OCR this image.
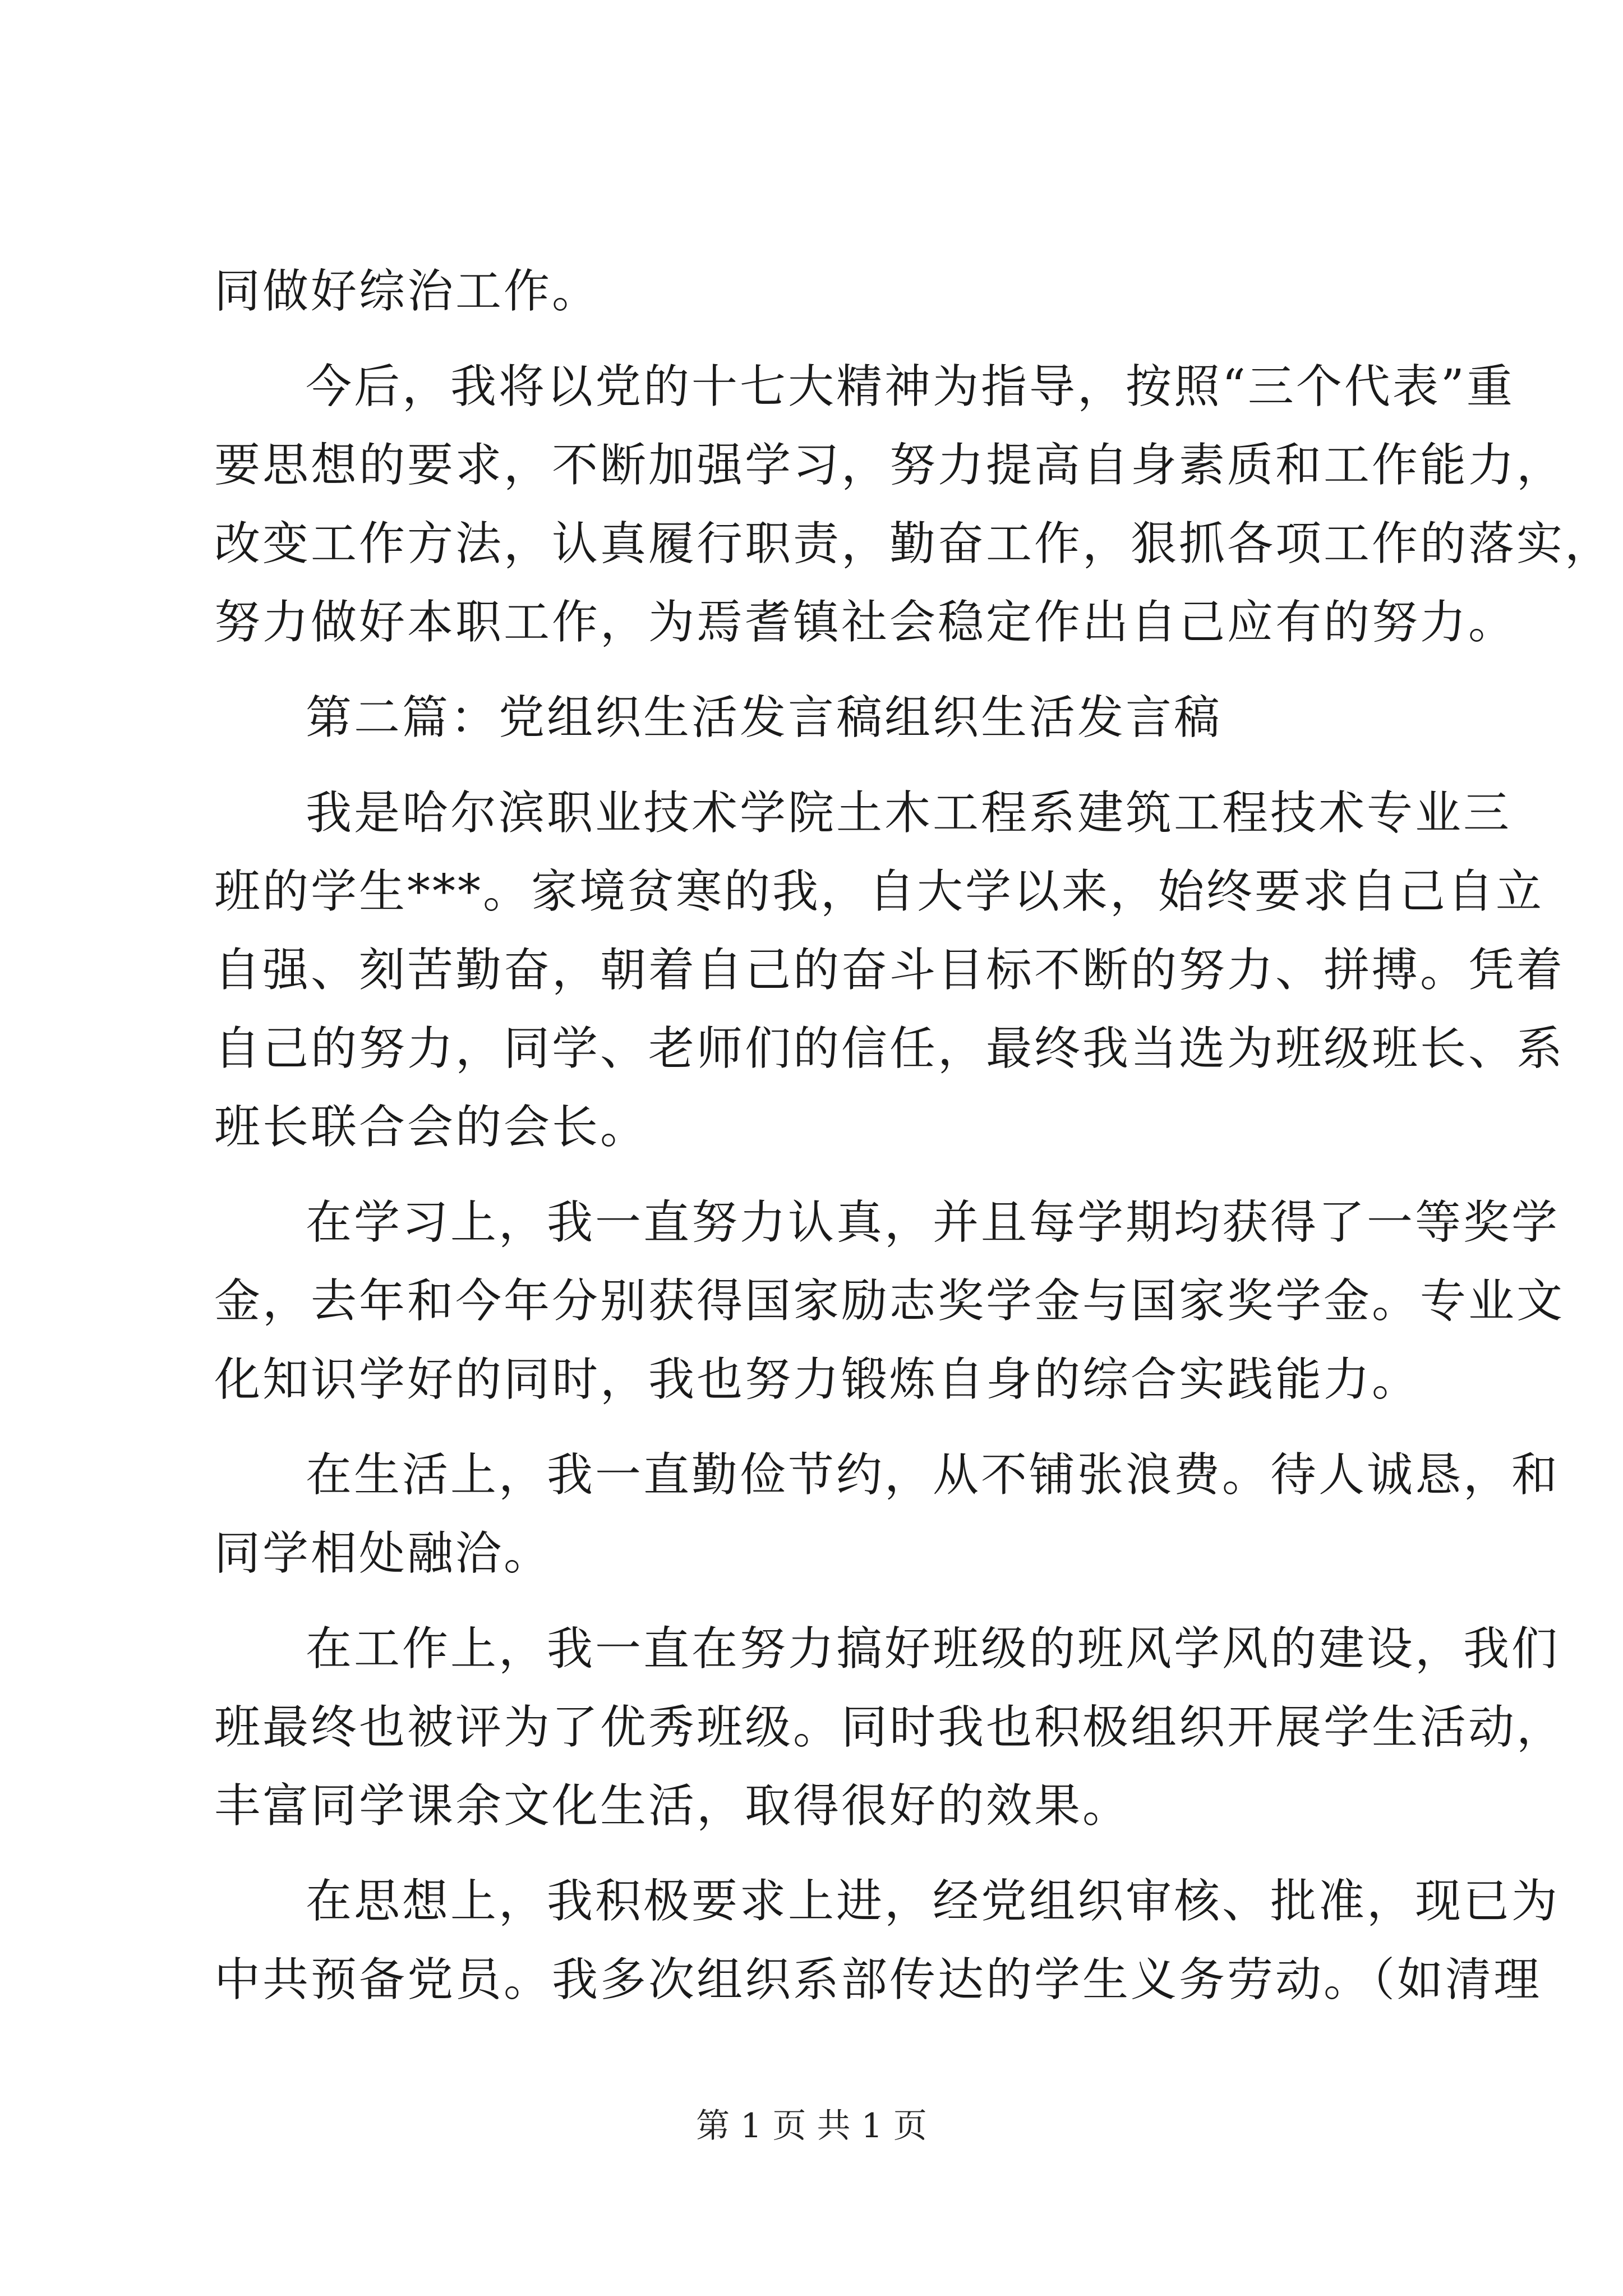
同做好综治工作。
今后，我将以党的十七大精神为指导，按照“三个代表”重
要思想的要求，不断加强学习，努力提高自身素质和工作能力，
改变工作方法，认真履行职责，勤奋工作，狠抓各项工作的落实，
努力做好本职工作，为焉耆镇社会稳定作出自己应有的努力。
第二篇：党组织生活发言稿组织生活发言稿
我是哈尔滨职业技术学院土木工程系建筑工程技术专业三
班的学生***。家境贫寒的我，自大学以来，始终要求自己自立
自强、刻苦勤奋，朝着自己的奋斗目标不断的努力、拼搏。凭着
自己的努力，同学、老师们的信任，最终我当选为班级班长、系
班长联合会的会长。
在学习上，我一直努力认真，并且每学期均获得了一等奖学
金，去年和今年分别获得国家励志奖学金与国家奖学金。专业文
化知识学好的同时，我也努力锻炼自身的综合实践能力。
在生活上，我一直勤俭节约，从不铺张浪费。待人诚恳，和
同学相处融洽。
在工作上，我一直在努力搞好班级的班风学风的建设，我们
班最终也被评为了优秀班级。同时我也积极组织开展学生活动，
丰富同学课余文化生活，取得很好的效果。
在思想上，我积极要求上进，经党组织审核、批准，现已为
中共预备党员。我多次组织系部传达的学生义务劳动。（如清理
第 1 页 共 1 页
